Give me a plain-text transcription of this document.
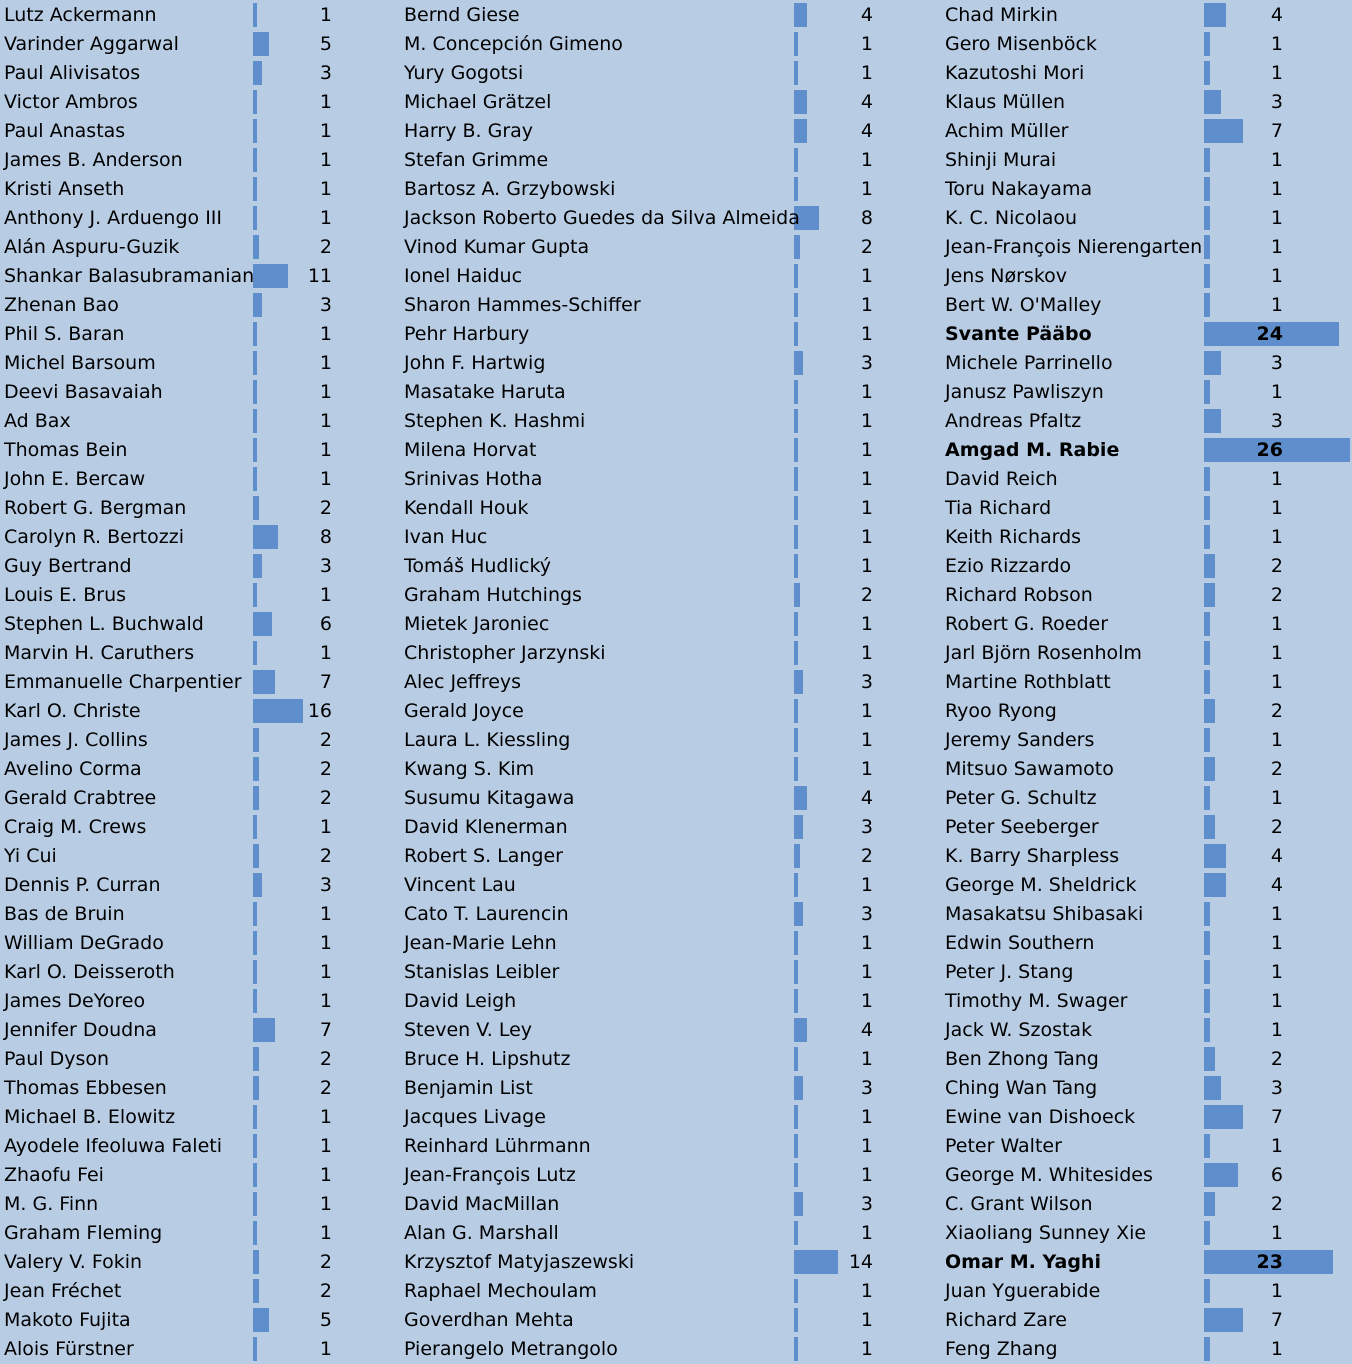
Lutz Ackermann	1
Varinder Aggarwal	5
Paul Alivisatos	3
Victor Ambros	1
Paul Anastas	1
James B. Anderson	1
Kristi Anseth	1
Anthony J. Arduengo III	1
Alán Aspuru-Guzik	2
Shankar Balasubramanian	11
Zhenan Bao	3
Phil S. Baran	1
Michel Barsoum	1
Deevi Basavaiah	1
Ad Bax	1
Thomas Bein	1
John E. Bercaw	1
Robert G. Bergman	2
Carolyn R. Bertozzi	8
Guy Bertrand	3
Louis E. Brus	1
Stephen L. Buchwald	6
Marvin H. Caruthers	1
Emmanuelle Charpentier	7
Karl O. Christe	16
James J. Collins	2
Avelino Corma	2
Gerald Crabtree	2
Craig M. Crews	1
Yi Cui	2
Dennis P. Curran	3
Bas de Bruin	1
William DeGrado	1
Karl O. Deisseroth	1
James DeYoreo	1
Jennifer Doudna	7
Paul Dyson	2
Thomas Ebbesen	2
Michael B. Elowitz	1
Ayodele Ifeoluwa Faleti	1
Zhaofu Fei	1
M. G. Finn	1
Graham Fleming	1
Valery V. Fokin	2
Jean Fréchet	2
Makoto Fujita	5
Alois Fürstner	1
Bernd Giese	4
M. Concepción Gimeno	1
Yury Gogotsi	1
Michael Grätzel	4
Harry B. Gray	4
Stefan Grimme	1
Bartosz A. Grzybowski	1
Jackson Roberto Guedes da Silva Almeida	8
Vinod Kumar Gupta	2
Ionel Haiduc	1
Sharon Hammes-Schiffer	1
Pehr Harbury	1
John F. Hartwig	3
Masatake Haruta	1
Stephen K. Hashmi	1
Milena Horvat	1
Srinivas Hotha	1
Kendall Houk	1
Ivan Huc	1
Tomáš Hudlický	1
Graham Hutchings	2
Mietek Jaroniec	1
Christopher Jarzynski	1
Alec Jeffreys	3
Gerald Joyce	1
Laura L. Kiessling	1
Kwang S. Kim	1
Susumu Kitagawa	4
David Klenerman	3
Robert S. Langer	2
Vincent Lau	1
Cato T. Laurencin	3
Jean-Marie Lehn	1
Stanislas Leibler	1
David Leigh	1
Steven V. Ley	4
Bruce H. Lipshutz	1
Benjamin List	3
Jacques Livage	1
Reinhard Lührmann	1
Jean-François Lutz	1
David MacMillan	3
Alan G. Marshall	1
Krzysztof Matyjaszewski	14
Raphael Mechoulam	1
Goverdhan Mehta	1
Pierangelo Metrangolo	1
Chad Mirkin	4
Gero Misenböck	1
Kazutoshi Mori	1
Klaus Müllen	3
Achim Müller	7
Shinji Murai	1
Toru Nakayama	1
K. C. Nicolaou	1
Jean-François Nierengarten	1
Jens Nørskov	1
Bert W. O'Malley	1
Svante Pääbo	24
Michele Parrinello	3
Janusz Pawliszyn	1
Andreas Pfaltz	3
Amgad M. Rabie	26
David Reich	1
Tia Richard	1
Keith Richards	1
Ezio Rizzardo	2
Richard Robson	2
Robert G. Roeder	1
Jarl Björn Rosenholm	1
Martine Rothblatt	1
Ryoo Ryong	2
Jeremy Sanders	1
Mitsuo Sawamoto	2
Peter G. Schultz	1
Peter Seeberger	2
K. Barry Sharpless	4
George M. Sheldrick	4
Masakatsu Shibasaki	1
Edwin Southern	1
Peter J. Stang	1
Timothy M. Swager	1
Jack W. Szostak	1
Ben Zhong Tang	2
Ching Wan Tang	3
Ewine van Dishoeck	7
Peter Walter	1
George M. Whitesides	6
C. Grant Wilson	2
Xiaoliang Sunney Xie	1
Omar M. Yaghi	23
Juan Yguerabide	1
Richard Zare	7
Feng Zhang	1
